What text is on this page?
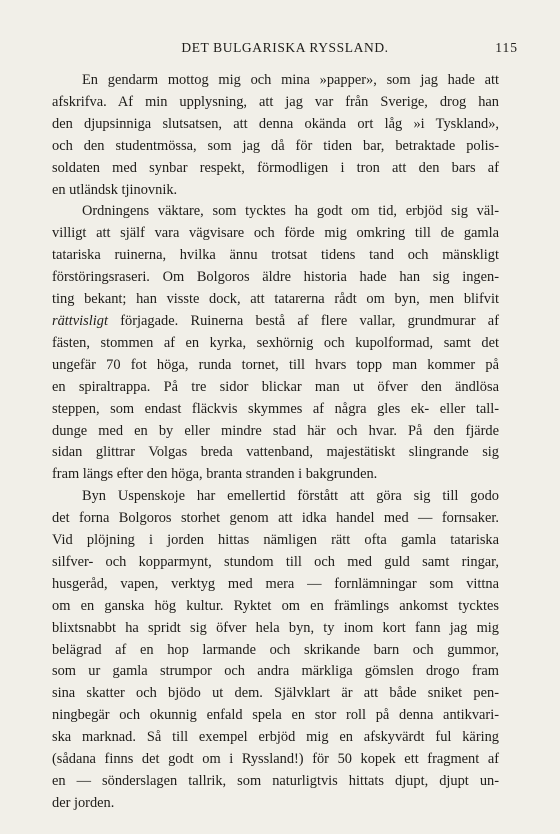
DET BULGARISKA RYSSLAND.	115

En gendarm mottog mig och mina »papper», som jag hade att
afskrifva. Af min upplysning, att jag var från Sverige, drog han
den djupsinniga slutsatsen, att denna okända ort låg »i Tyskland»,
och den studentmössa, som jag då för tiden bar, betraktade polis-
soldaten med synbar respekt, förmodligen i tron att den bars af
en utländsk tjinovnik.

Ordningens väktare, som tycktes ha godt om tid, erbjöd sig väl-
villigt att själf vara vägvisare och förde mig omkring till de gamla
tatariska ruinerna, hvilka ännu trotsat tidens tand och mänskligt
förstöringsraseri. Om Bolgoros äldre historia hade han sig ingen-
ting bekant; han visste dock, att tatarerna rådt om byn, men blifvit
rättvisligt förjagade. Ruinerna bestå af flere vallar, grundmurar af
fästen, stommen af en kyrka, sexhörnig och kupolformad, samt det
ungefär 70 fot höga, runda tornet, till hvars topp man kommer på
en spiraltrappa. På tre sidor blickar man ut öfver den ändlösa
steppen, som endast fläckvis skymmes af några gles ek- eller tall-
dunge med en by eller mindre stad här och hvar. På den fjärde
sidan glittrar Volgas breda vattenband, majestätiskt slingrande sig
fram längs efter den höga, branta stranden i bakgrunden.

Byn Uspenskoje har emellertid förstått att göra sig till godo
det forna Bolgoros storhet genom att idka handel med — fornsaker.
Vid plöjning i jorden hittas nämligen rätt ofta gamla tatariska
silfver- och kopparmynt, stundom till och med guld samt ringar,
husgeråd, vapen, verktyg med mera — fornlämningar som vittna
om en ganska hög kultur. Ryktet om en främlings ankomst tycktes
blixtsnabbt ha spridt sig öfver hela byn, ty inom kort fann jag mig
belägrad af en hop larmande och skrikande barn och gummor,
som ur gamla strumpor och andra märkliga gömslen drogo fram
sina skatter och bjödo ut dem. Självklart är att både sniket pen-
ningbegär och okunnig enfald spela en stor roll på denna antikvari-
ska marknad. Så till exempel erbjöd mig en afskyvärdt ful käring
(sådana finns det godt om i Ryssland!) för 50 kopek ett fragment af
en — sönderslagen tallrik, som naturligtvis hittats djupt, djupt un-
der jorden.
